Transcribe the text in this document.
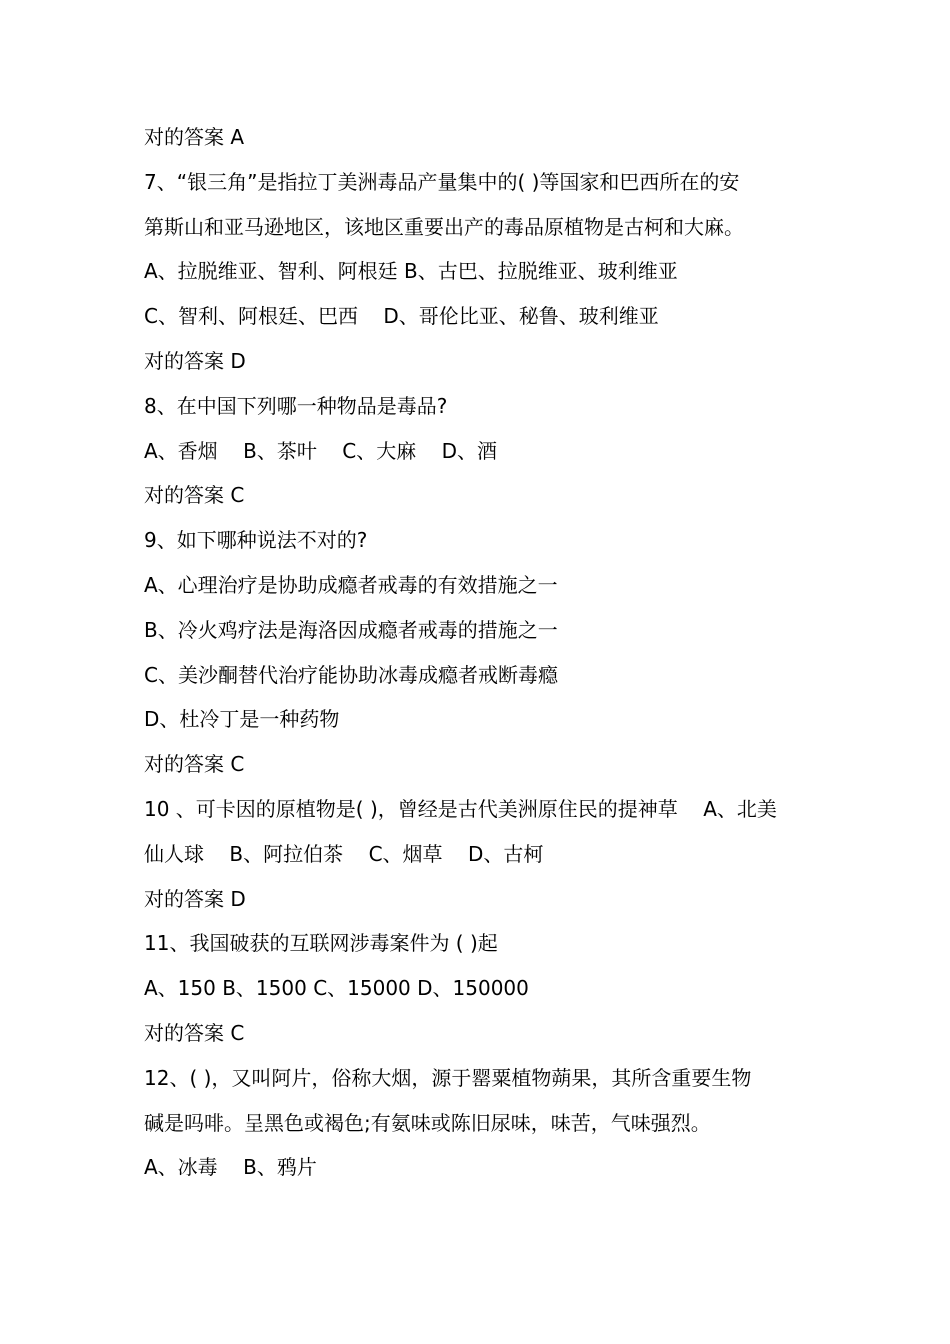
对的答案 A
7、“银三角”是指拉丁美洲毒品产量集中的( )等国家和巴西所在的安
第斯山和亚马逊地区，该地区重要出产的毒品原植物是古柯和大麻。
A、拉脱维亚、智利、阿根廷 B、古巴、拉脱维亚、玻利维亚
C、智利、阿根廷、巴西    D、哥伦比亚、秘鲁、玻利维亚
对的答案 D
8、在中国下列哪一种物品是毒品?
A、香烟    B、茶叶    C、大麻    D、酒
对的答案 C
9、如下哪种说法不对的?
A、心理治疗是协助成瘾者戒毒的有效措施之一
B、冷火鸡疗法是海洛因成瘾者戒毒的措施之一
C、美沙酮替代治疗能协助冰毒成瘾者戒断毒瘾
D、杜冷丁是一种药物
对的答案 C
10 、可卡因的原植物是( )，曾经是古代美洲原住民的提神草    A、北美
仙人球    B、阿拉伯茶    C、烟草    D、古柯
对的答案 D
11、我国破获的互联网涉毒案件为 ( )起
A、150 B、1500 C、15000 D、150000
对的答案 C
12、( )，又叫阿片，俗称大烟，源于罂粟植物蒴果，其所含重要生物
碱是吗啡。呈黑色或褐色;有氨味或陈旧尿味，味苦，气味强烈。
A、冰毒    B、鸦片
